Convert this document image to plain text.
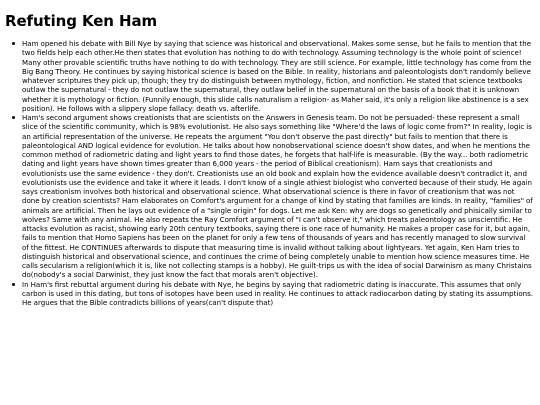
Refuting Ken Ham
Ham opened his debate with Bill Nye by saying that science was historical and observational. Makes some sense, but he fails to mention that the two fields help each other.He then states that evolution has nothing to do with technology. Assuming technology is the whole point of science! Many other provable scientific truths have nothing to do with technology. They are still science. For example, little technology has come from the Big Bang Theory. He continues by saying historical science is based on the Bible. In reality, historians and paleontologists don't randomly believe whatever scriptures they pick up, though; they try do distinguish between mythology, fiction, and nonfiction. He stated that science textbooks outlaw the supernatural - they do not outlaw the supernatural, they outlaw belief in the supernatural on the basis of a book that it is unknown whether it is mythology or fiction. (Funnily enough, this slide calls naturalism a religion- as Maher said, it's only a religion like abstinence is a sex position). He follows with a slippery slope fallacy: death vs. afterlife.
Ham's second argument shows creationists that are scientists on the Answers in Genesis team. Do not be persuaded- these represent a small slice of the scientific community, which is 98% evolutionist. He also says something like "Where'd the laws of logic come from?" In reality, logic is an artificial representation of the universe. He repeats the argument "You don't observe the past directly" but fails to mention that there is paleontological AND logical evidence for evolution. He talks about how nonobservational science doesn't show dates, and when he mentions the common method of radiometric dating and light years to find those dates, he forgets that half-life is measurable. (By the way... both radiometric dating and light years have shown times greater than 6,000 years - the period of Biblical creationism). Ham says that creationists and evolutionists use the same evidence - they don't. Creationists use an old book and explain how the evidence available doesn't contradict it, and evolutionists use the evidence and take it where it leads. I don't know of a single athiest biologist who converted because of their study. He again says creationism involves both historical and observational science. What observational science is there in favor of creationism that was not done by creation scientists? Ham elaborates on Comfort's argument for a change of kind by stating that families are kinds. In reality, "families" of animals are artificial. Then he lays out evidence of a "single origin" for dogs. Let me ask Ken: why are dogs so genetically and phisically similar to wolves? Same with any animal. He also repeats the Ray Comfort argument of "I can't observe it," which treats paleontology as unscientific. He attacks evolution as racist, showing early 20th century textbooks, saying there is one race of humanity. He makes a proper case for it, but again, fails to mention that Homo Sapiens has been on the planet for only a few tens of thousands of years and has recently managed to slow survival of the fittest. He CONTINUES afterwards to dispute that measuring time is invalid without talking about lightyears. Yet again, Ken Ham tries to distinguish historical and observational science, and continues the crime of being completely unable to mention how science measures time. He calls secularism a religion(which it is, like not collecting stamps is a hobby). He guilt-trips us with the idea of social Darwinism as many Christains do(nobody's a social Darwinist, they just know the fact that morals aren't objective).
In Ham's first rebuttal argument during his debate with Nye, he begins by saying that radiometric dating is inaccurate. This assumes that only carbon is used in this dating, but tons of isotopes have been used in reality. He continues to attack radiocarbon dating by stating its assumptions. He argues that the Bible contradicts billions of years(can't dispute that)
